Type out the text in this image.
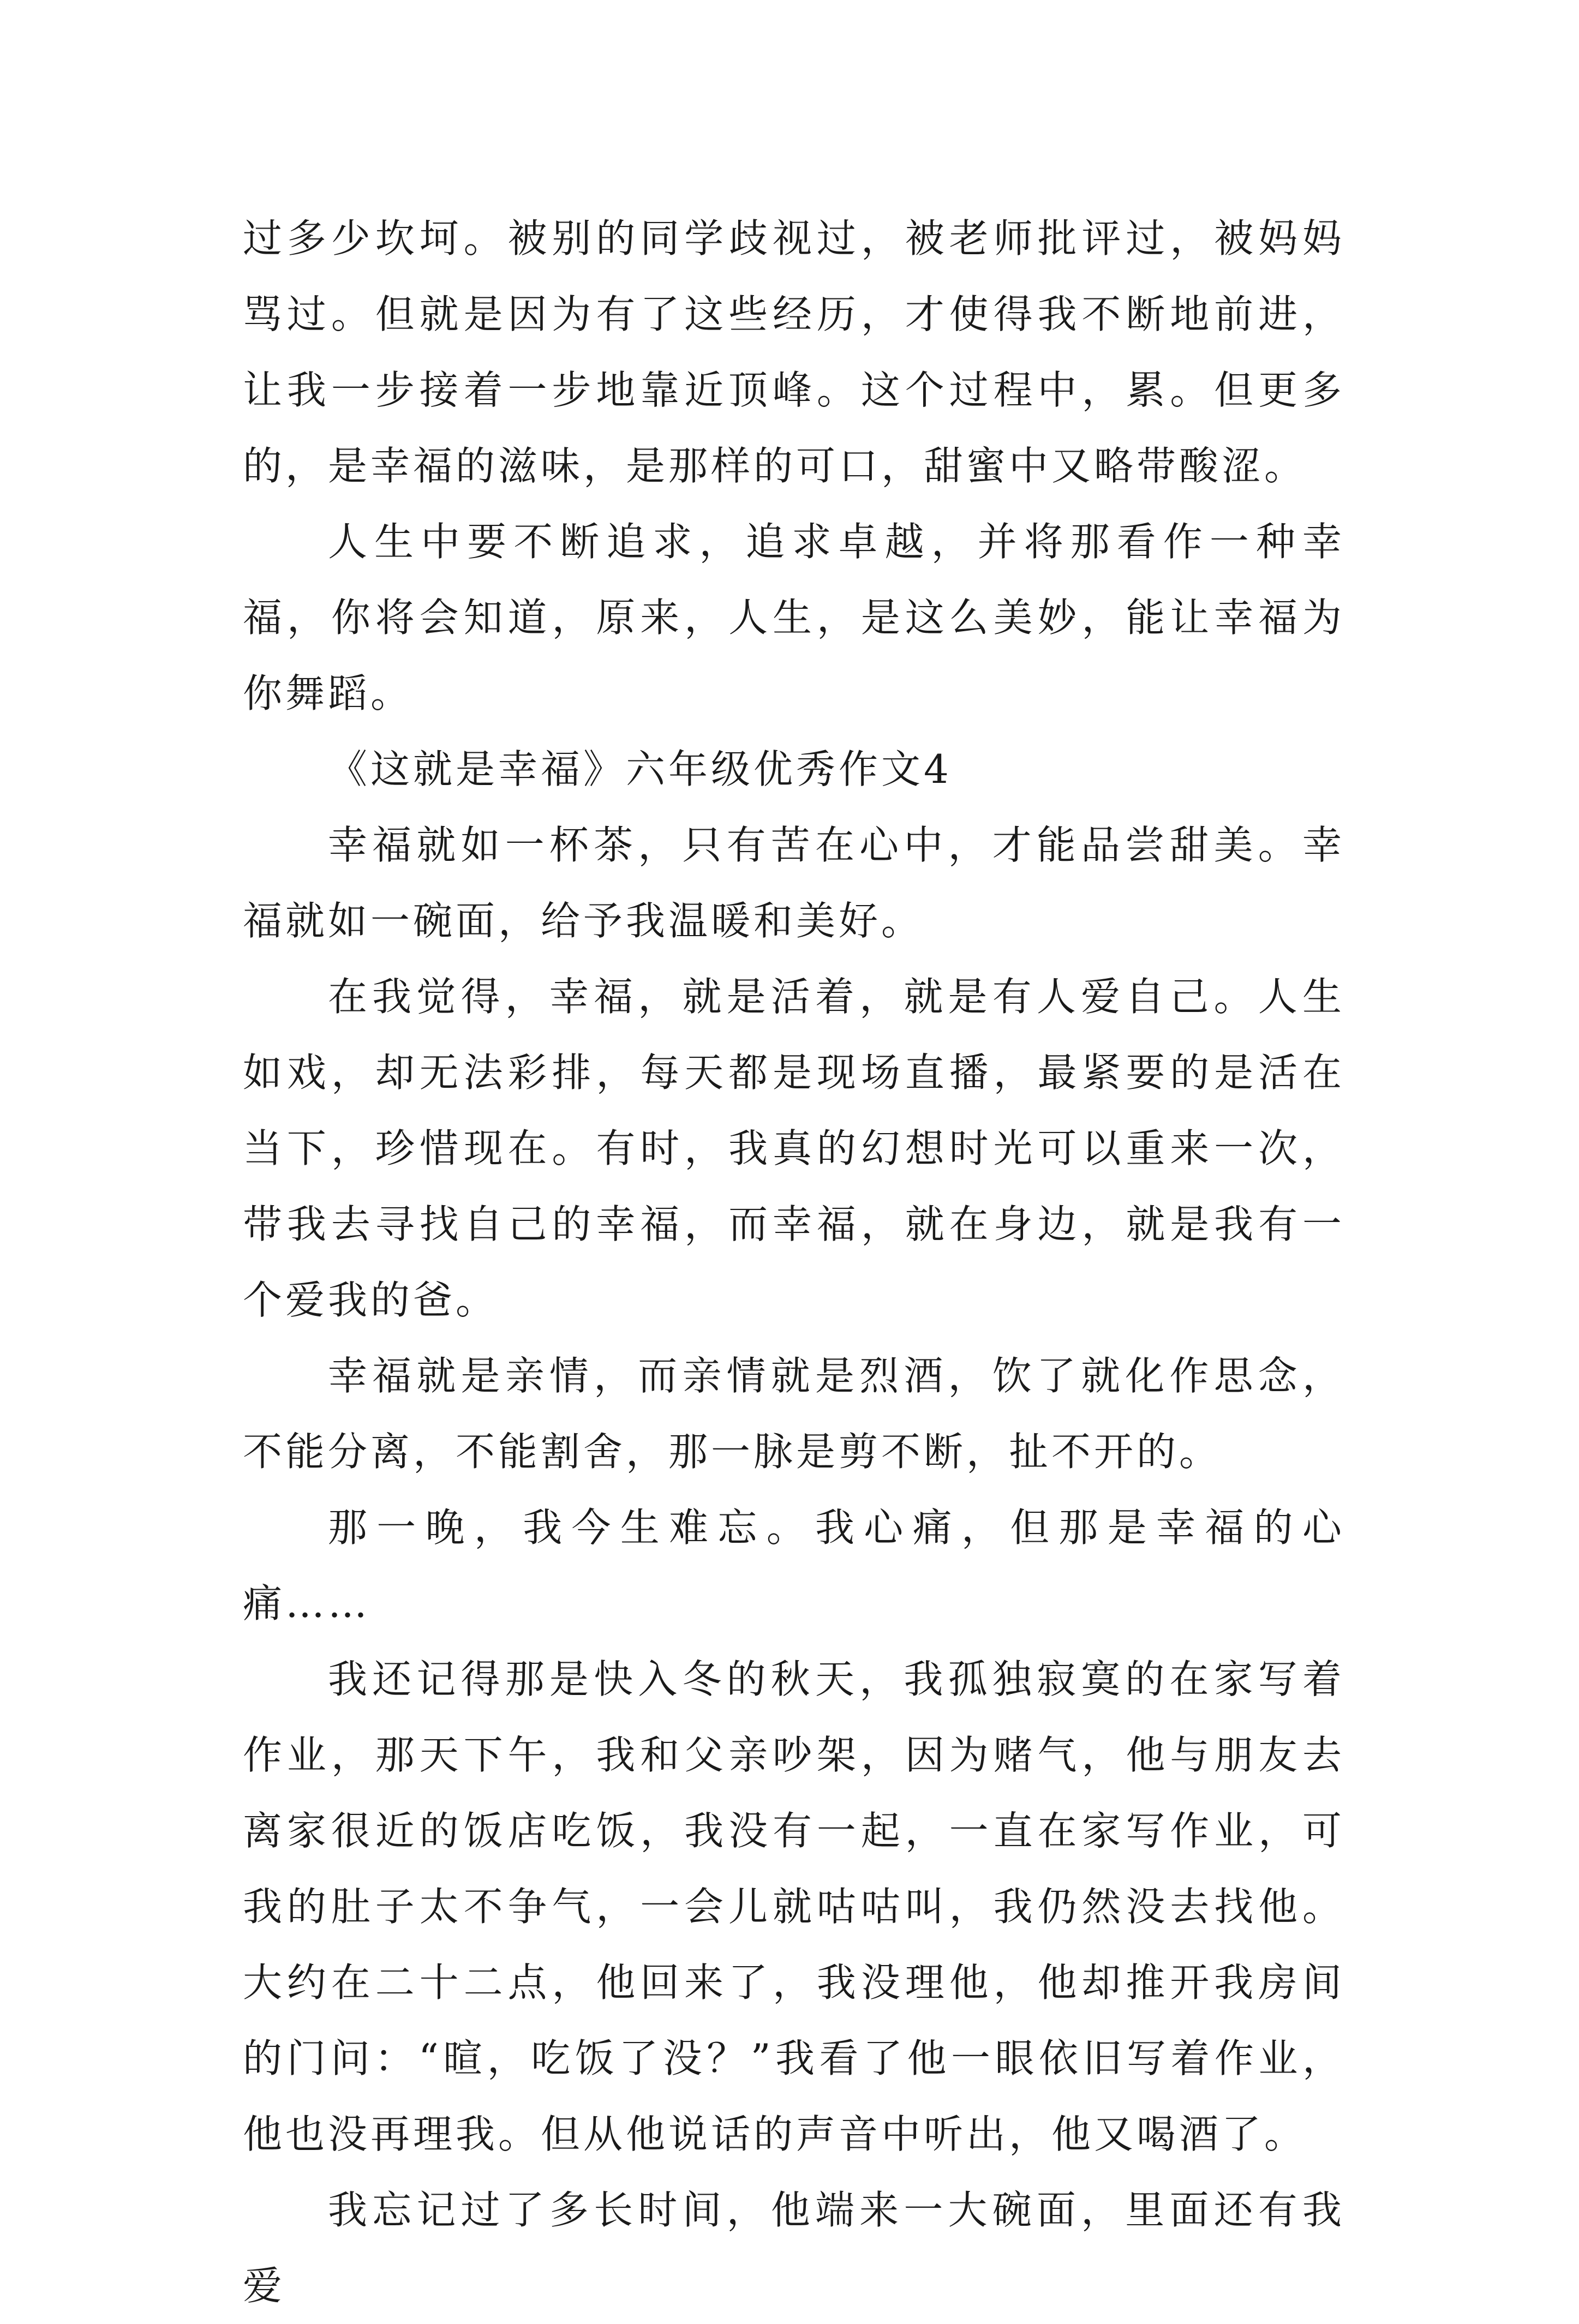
过多少坎坷。被别的同学歧视过，被老师批评过，被妈妈骂过。但就是因为有了这些经历，才使得我不断地前进，让我一步接着一步地靠近顶峰。这个过程中，累。但更多的，是幸福的滋味，是那样的可口，甜蜜中又略带酸涩。

人生中要不断追求，追求卓越，并将那看作一种幸福，你将会知道，原来，人生，是这么美妙，能让幸福为你舞蹈。

《这就是幸福》六年级优秀作文4

幸福就如一杯茶，只有苦在心中，才能品尝甜美。幸福就如一碗面，给予我温暖和美好。

在我觉得，幸福，就是活着，就是有人爱自己。人生如戏，却无法彩排，每天都是现场直播，最紧要的是活在当下，珍惜现在。有时，我真的幻想时光可以重来一次，带我去寻找自己的幸福，而幸福，就在身边，就是我有一个爱我的爸。

幸福就是亲情，而亲情就是烈酒，饮了就化作思念，不能分离，不能割舍，那一脉是剪不断，扯不开的。

那一晚，我今生难忘。我心痛，但那是幸福的心痛……

我还记得那是快入冬的秋天，我孤独寂寞的在家写着作业，那天下午，我和父亲吵架，因为赌气，他与朋友去离家很近的饭店吃饭，我没有一起，一直在家写作业，可我的肚子太不争气，一会儿就咕咕叫，我仍然没去找他。大约在二十二点，他回来了，我没理他，他却推开我房间的门问：“暄，吃饭了没？”我看了他一眼依旧写着作业，他也没再理我。但从他说话的声音中听出，他又喝酒了。

我忘记过了多长时间，他端来一大碗面，里面还有我爱
